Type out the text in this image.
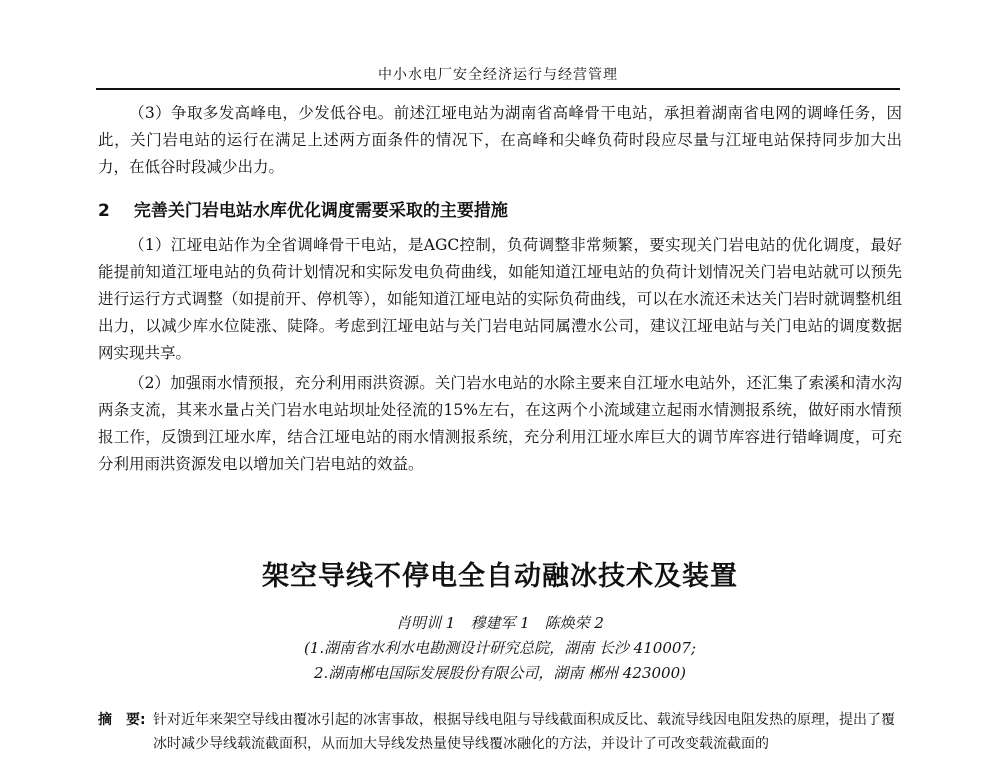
中小水电厂安全经济运行与经营管理

（3）争取多发高峰电，少发低谷电。前述江垭电站为湖南省高峰骨干电站，承担着湖南省电网的调峰任务，因此，关门岩电站的运行在满足上述两方面条件的情况下，在高峰和尖峰负荷时段应尽量与江垭电站保持同步加大出力，在低谷时段减少出力。

2 完善关门岩电站水库优化调度需要采取的主要措施

（1）江垭电站作为全省调峰骨干电站，是AGC控制，负荷调整非常频繁，要实现关门岩电站的优化调度，最好能提前知道江垭电站的负荷计划情况和实际发电负荷曲线，如能知道江垭电站的负荷计划情况关门岩电站就可以预先进行运行方式调整（如提前开、停机等），如能知道江垭电站的实际负荷曲线，可以在水流还未达关门岩时就调整机组出力，以减少库水位陡涨、陡降。考虑到江垭电站与关门岩电站同属澧水公司，建议江垭电站与关门电站的调度数据网实现共享。

（2）加强雨水情预报，充分利用雨洪资源。关门岩水电站的水除主要来自江垭水电站外，还汇集了索溪和清水沟两条支流，其来水量占关门岩水电站坝址处径流的15%左右，在这两个小流域建立起雨水情测报系统，做好雨水情预报工作，反馈到江垭水库，结合江垭电站的雨水情测报系统，充分利用江垭水库巨大的调节库容进行错峰调度，可充分利用雨洪资源发电以增加关门岩电站的效益。

架空导线不停电全自动融冰技术及装置
肖明训 1　穆建军 1　陈焕荣 2
(1.湖南省水利水电勘测设计研究总院，湖南 长沙 410007;
2.湖南郴电国际发展股份有限公司，湖南 郴州 423000)
摘　要: 针对近年来架空导线由覆冰引起的冰害事故，根据导线电阻与导线截面积成反比、载流导线因电阻发热的原理，提出了覆冰时减少导线载流截面积，从而加大导线发热量使导线覆冰融化的方法，并设计了可改变载流截面的
